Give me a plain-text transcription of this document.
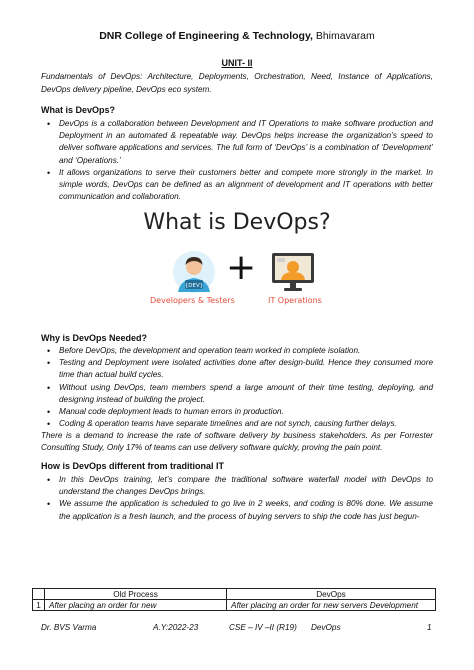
DNR College of Engineering & Technology, Bhimavaram
UNIT- II
Fundamentals of DevOps: Architecture, Deployments, Orchestration, Need, Instance of Applications, DevOps delivery pipeline, DevOps eco system.
What is DevOps?
• DevOps is a collaboration between Development and IT Operations to make software production and Deployment in an automated & repeatable way. DevOps helps increase the organization’s speed to deliver software applications and services. The full form of ‘DevOps’ is a combination of ‘Development’ and ‘Operations.’
• It allows organizations to serve their customers better and compete more strongly in the market. In simple words, DevOps can be defined as an alignment of development and IT operations with better communication and collaboration.
What is DevOps?
{DEV} +
Developers & Testers	IT Operations
Why is DevOps Needed?
• Before DevOps, the development and operation team worked in complete isolation.
• Testing and Deployment were isolated activities done after design-build. Hence they consumed more time than actual build cycles.
• Without using DevOps, team members spend a large amount of their time testing, deploying, and designing instead of building the project.
• Manual code deployment leads to human errors in production.
• Coding & operation teams have separate timelines and are not synch, causing further delays.
There is a demand to increase the rate of software delivery by business stakeholders. As per Forrester Consulting Study, Only 17% of teams can use delivery software quickly, proving the pain point.
How is DevOps different from traditional IT
• In this DevOps training, let’s compare the traditional software waterfall model with DevOps to understand the changes DevOps brings.
• We assume the application is scheduled to go live in 2 weeks, and coding is 80% done. We assume the application is a fresh launch, and the process of buying servers to ship the code has just begun-
	Old Process	DevOps
1	After placing an order for new	After placing an order for new servers Development
Dr. BVS Varma	A.Y:2022-23	CSE – IV –II (R19) DevOps	1
